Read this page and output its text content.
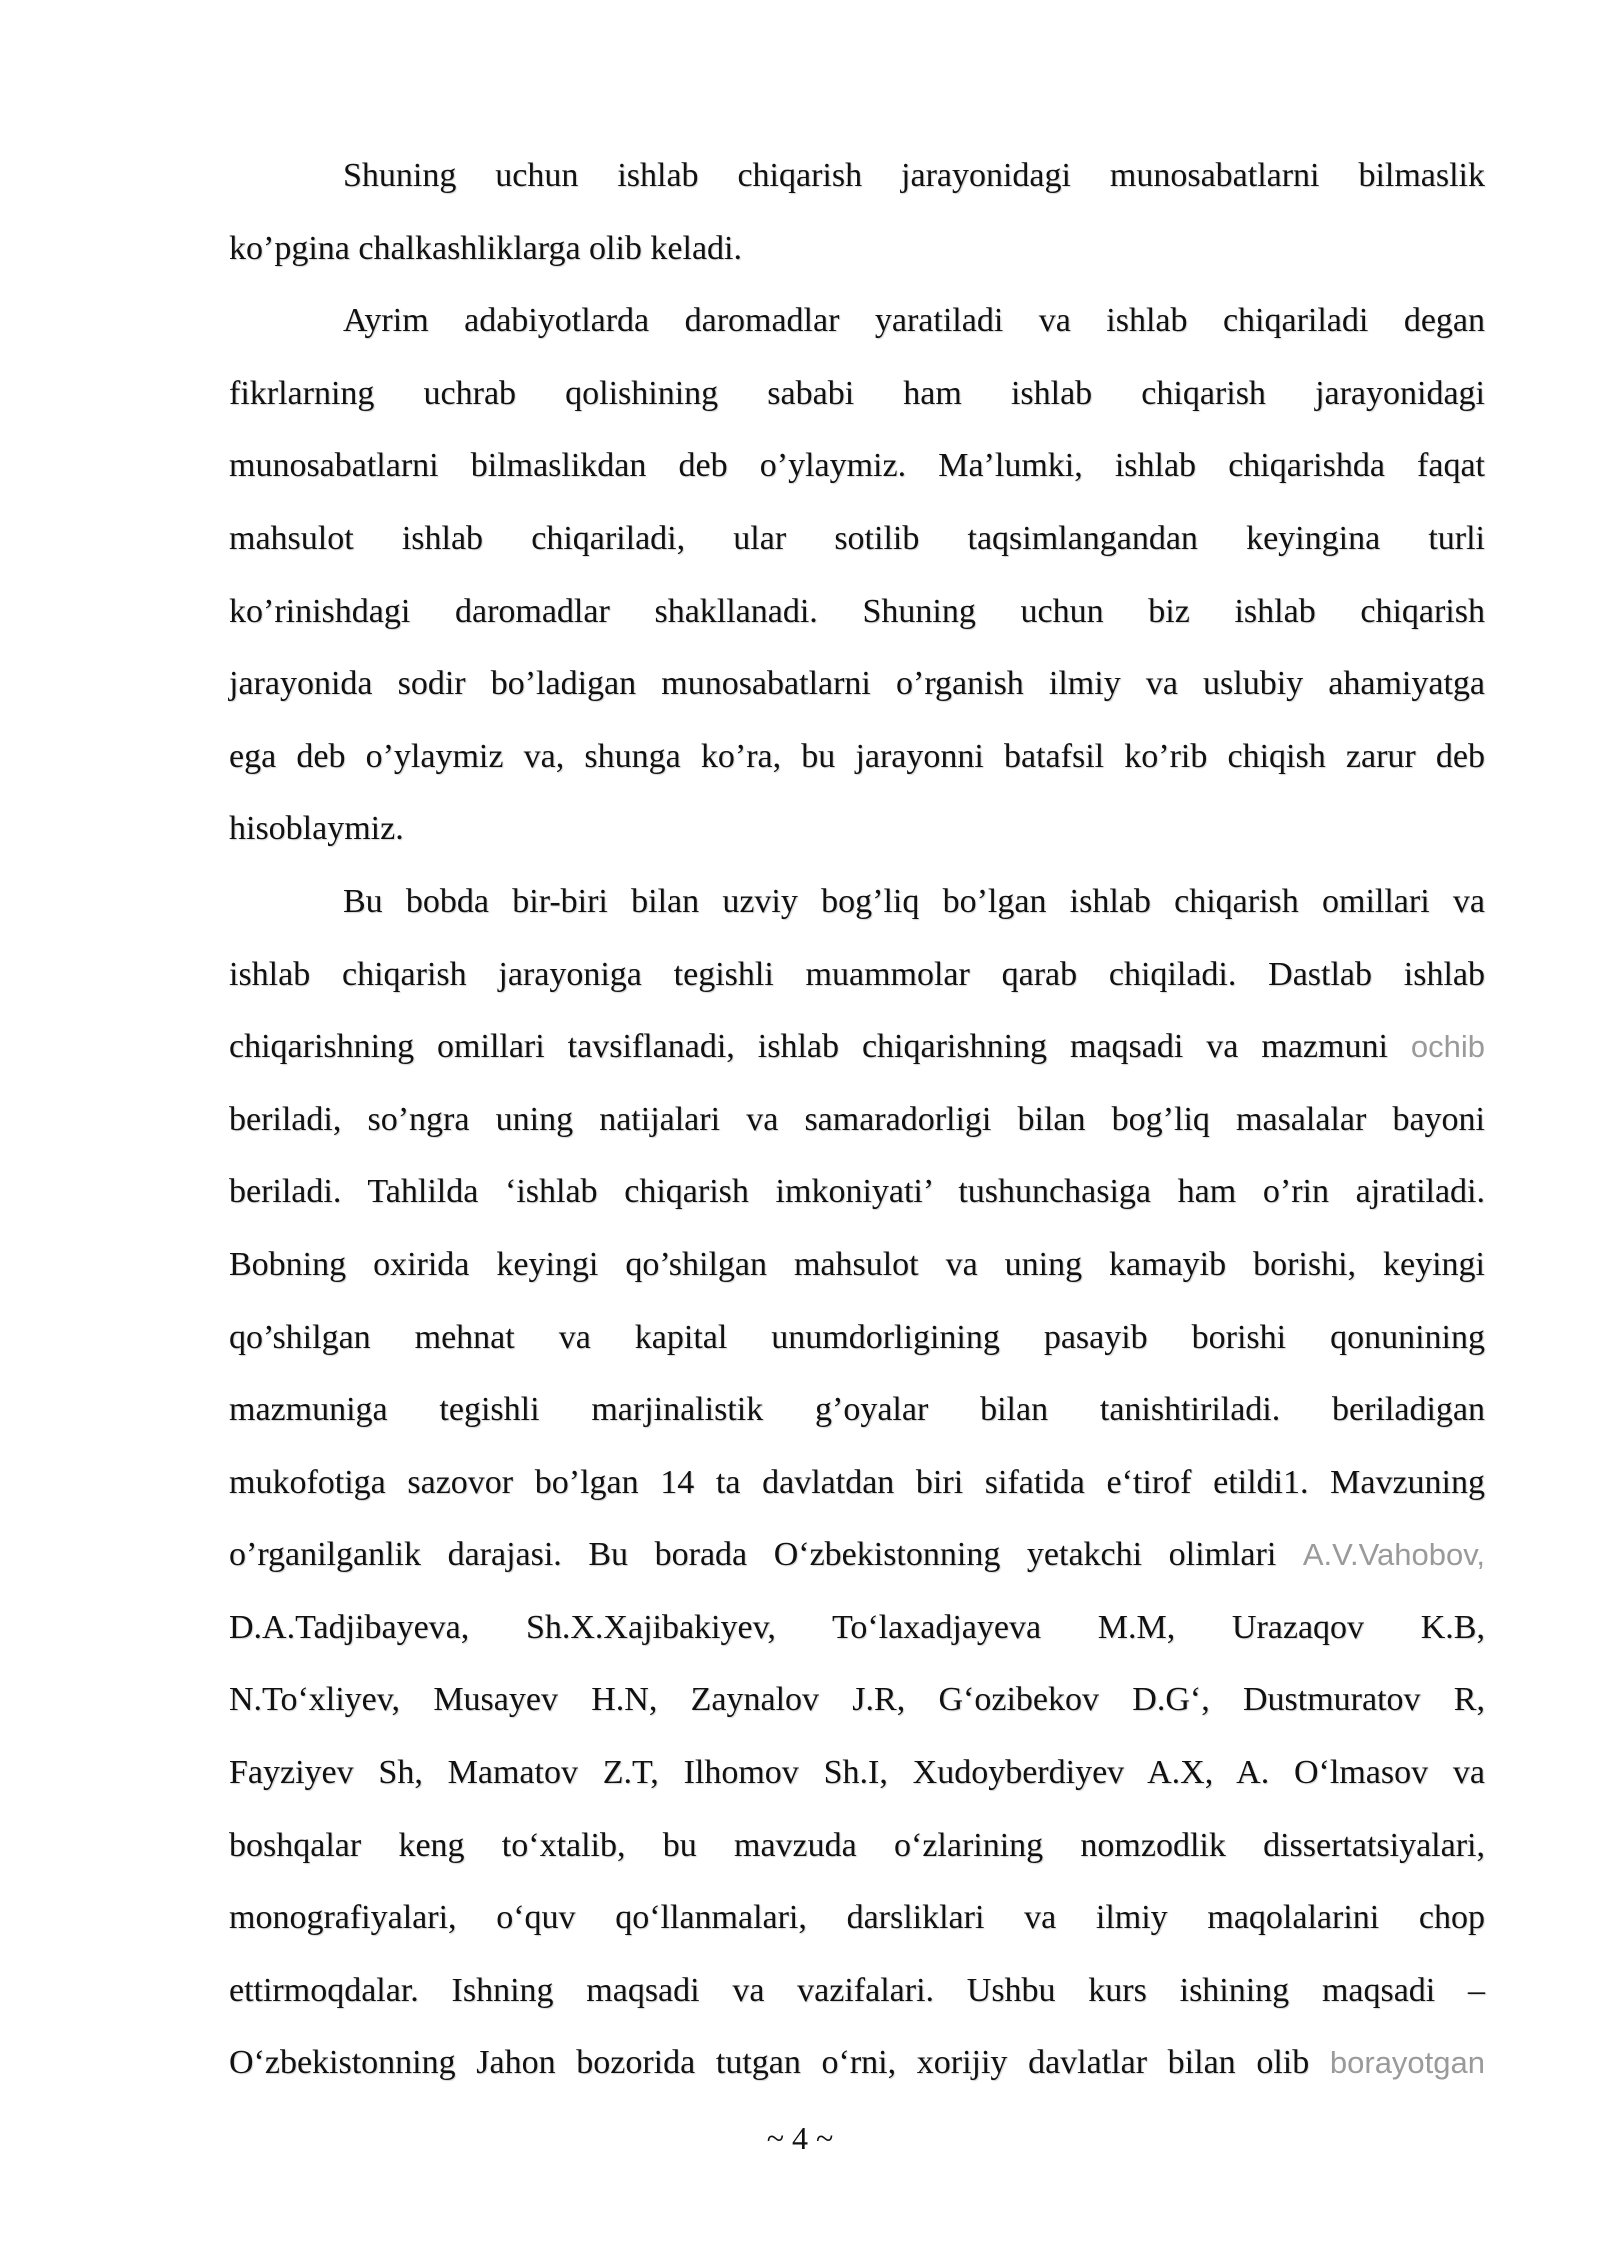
Shuning uchun ishlab chiqarish jarayonidagi munosabatlarni bilmaslik
ko’pgina chalkashliklarga olib keladi.
Ayrim adabiyotlarda daromadlar yaratiladi va ishlab chiqariladi degan
fikrlarning uchrab qolishining sababi ham ishlab chiqarish jarayonidagi
munosabatlarni bilmaslikdan deb o’ylaymiz. Ma’lumki, ishlab chiqarishda faqat
mahsulot ishlab chiqariladi, ular sotilib taqsimlangandan keyingina turli
ko’rinishdagi daromadlar shakllanadi. Shuning uchun biz ishlab chiqarish
jarayonida sodir bo’ladigan munosabatlarni o’rganish ilmiy va uslubiy ahamiyatga
ega deb o’ylaymiz va, shunga ko’ra, bu jarayonni batafsil ko’rib chiqish zarur deb
hisoblaymiz.
Bu bobda bir-biri bilan uzviy bog’liq bo’lgan ishlab chiqarish omillari va
ishlab chiqarish jarayoniga tegishli muammolar qarab chiqiladi. Dastlab ishlab
chiqarishning omillari tavsiflanadi, ishlab chiqarishning maqsadi va mazmuni ochib
beriladi, so’ngra uning natijalari va samaradorligi bilan bog’liq masalalar bayoni
beriladi. Tahlilda ‘ishlab chiqarish imkoniyati’ tushunchasiga ham o’rin ajratiladi.
Bobning oxirida keyingi qo’shilgan mahsulot va uning kamayib borishi, keyingi
qo’shilgan mehnat va kapital unumdorligining pasayib borishi qonunining
mazmuniga tegishli marjinalistik g’oyalar bilan tanishtiriladi. beriladigan
mukofotiga sazovor bo’lgan 14 ta davlatdan biri sifatida e‘tirof etildi1. Mavzuning
o’rganilganlik darajasi. Bu borada O‘zbekistonning yetakchi olimlari A.V.Vahobov,
D.A.Tadjibayeva, Sh.X.Xajibakiyev, To‘laxadjayeva M.M, Urazaqov K.B,
N.To‘xliyev, Musayev H.N, Zaynalov J.R, G‘ozibekov D.G‘, Dustmuratov R,
Fayziyev Sh, Mamatov Z.T, Ilhomov Sh.I, Xudoyberdiyev A.X, A. O‘lmasov va
boshqalar keng to‘xtalib, bu mavzuda o‘zlarining nomzodlik dissertatsiyalari,
monografiyalari, o‘quv qo‘llanmalari, darsliklari va ilmiy maqolalarini chop
ettirmoqdalar. Ishning maqsadi va vazifalari. Ushbu kurs ishining maqsadi –
O‘zbekistonning Jahon bozorida tutgan o‘rni, xorijiy davlatlar bilan olib borayotgan
~ 4 ~
